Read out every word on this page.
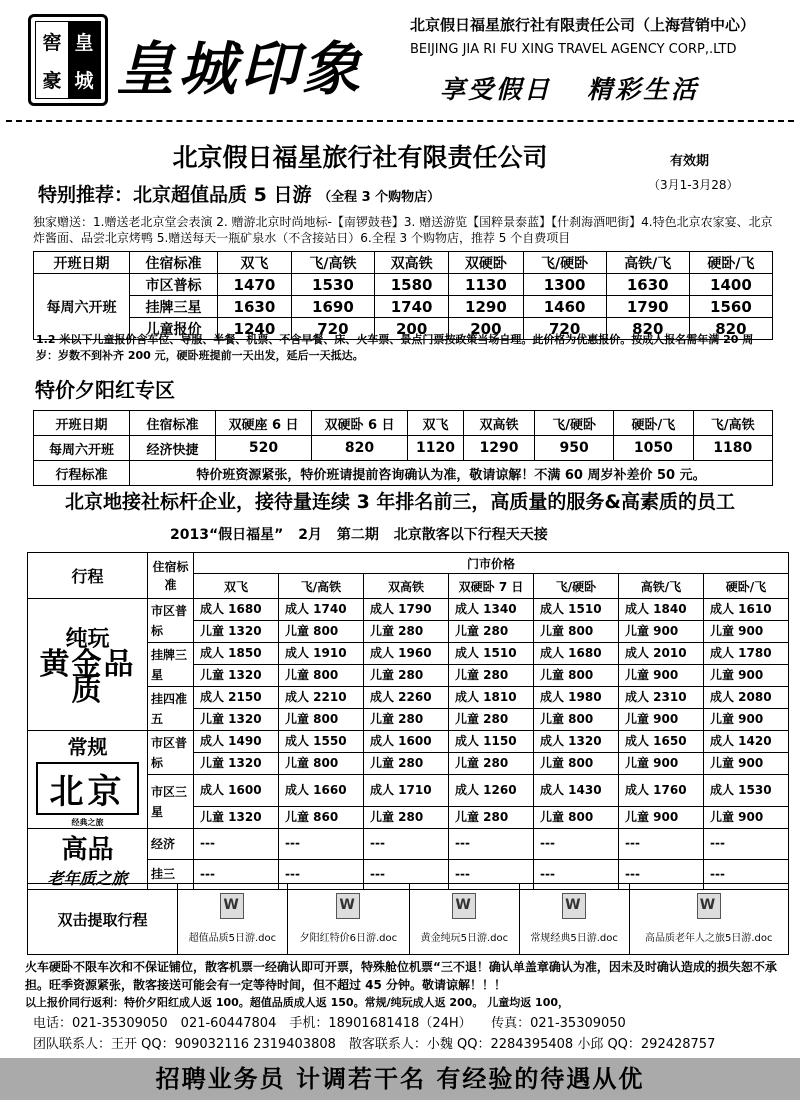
窖 皇
豪 城 皇城印象
北京假日福星旅行社有限责任公司（上海营销中心）
BEIJING JIA RI FU XING TRAVEL AGENCY CORP,.LTD
享受假日 精彩生活
北京假日福星旅行社有限责任公司	有效期
（3月1-3月28）
特别推荐：北京超值品质 5 日游 （全程 3 个购物店）
独家赠送：1.赠送老北京堂会表演 2. 赠游北京时尚地标-【南锣鼓巷】3. 赠送游览【国粹景泰蓝】【什刹海酒吧街】4.特色北京农家宴、北京炸酱面、品尝北京烤鸭 5.赠送每天一瓶矿泉水（不含接站日）6.全程 3 个购物店，推荐 5 个自费项目
开班日期	住宿标准	双飞	飞/高铁	双高铁	双硬卧	飞/硬卧	高铁/飞	硬卧/飞
每周六开班	市区普标	1470	1530	1580	1130	1300	1630	1400
	挂牌三星	1630	1690	1740	1290	1460	1790	1560
	儿童报价	1240	720	200	200	720	820	820
1.2 米以下儿童报价含车位、导服、半餐、机票、不含早餐、床、火车票、景点门票按政策当场自理。此价格为优惠报价。按成人报名需年满 20 周岁：岁数不到补齐 200 元，硬卧班提前一天出发，延后一天抵达。
特价夕阳红专区
开班日期	住宿标准	双硬座 6 日	双硬卧 6 日	双飞	双高铁	飞/硬卧	硬卧/飞	飞/高铁
每周六开班	经济快捷	520	820	1120	1290	950	1050	1180
行程标准	特价班资源紧张，特价班请提前咨询确认为准，敬请谅解！不满 60 周岁补差价 50 元。							
北京地接社标杆企业，接待量连续 3 年排名前三，高质量的服务&高素质的员工
2013“假日福星” 2月 第二期 北京散客以下行程天天接
行程	住宿标准	门市价格						
		双飞	飞/高铁	双高铁	双硬卧 7 日	飞/硬卧	高铁/飞	硬卧/飞
纯玩
黄金品质	市区普标	成人 1680	成人 1740	成人 1790	成人 1340	成人 1510	成人 1840	成人 1610
		儿童 1320	儿童 800	儿童 280	儿童 280	儿童 800	儿童 900	儿童 900
	挂牌三星	成人 1850	成人 1910	成人 1960	成人 1510	成人 1680	成人 2010	成人 1780
		儿童 1320	儿童 800	儿童 280	儿童 280	儿童 800	儿童 900	儿童 900
	挂四准五	成人 2150	成人 2210	成人 2260	成人 1810	成人 1980	成人 2310	成人 2080
		儿童 1320	儿童 800	儿童 280	儿童 280	儿童 800	儿童 900	儿童 900
常规
北京
经典之旅	市区普标	成人 1490	成人 1550	成人 1600	成人 1150	成人 1320	成人 1650	成人 1420
		儿童 1320	儿童 800	儿童 280	儿童 280	儿童 800	儿童 900	儿童 900
	市区三星	成人 1600	成人 1660	成人 1710	成人 1260	成人 1430	成人 1760	成人 1530
		儿童 1320	儿童 860	儿童 280	儿童 280	儿童 800	儿童 900	儿童 900
高品
老年质之旅	经济	---	---	---	---	---	---	---
	挂三	---	---	---	---	---	---	---
双击提取行程	
W

超值品质5日游.doc	
W

夕阳红特价6日游.doc	
W

黄金纯玩5日游.doc	
W

常规经典5日游.doc	
W

高品质老年人之旅5日游.doc
火车硬卧不限车次和不保证铺位，散客机票一经确认即可开票，特殊舱位机票“三不退！确认单盖章确认为准，因未及时确认造成的损失恕不承担。旺季资源紧张，散客接送可能会有一定等待时间，但不超过 45 分钟。敬请谅解！！！
以上报价同行返利：特价夕阳红成人返 100。超值品质成人返 150。常规/纯玩成人返 200。 儿童均返 100，
电话：021-35309050　021-60447804　手机：18901681418（24H）　　传真：021-35309050
团队联系人：王开 QQ：909032116 2319403808　散客联系人：小魏 QQ：2284395408 小邱 QQ：292428757
招聘业务员 计调若干名 有经验的待遇从优
